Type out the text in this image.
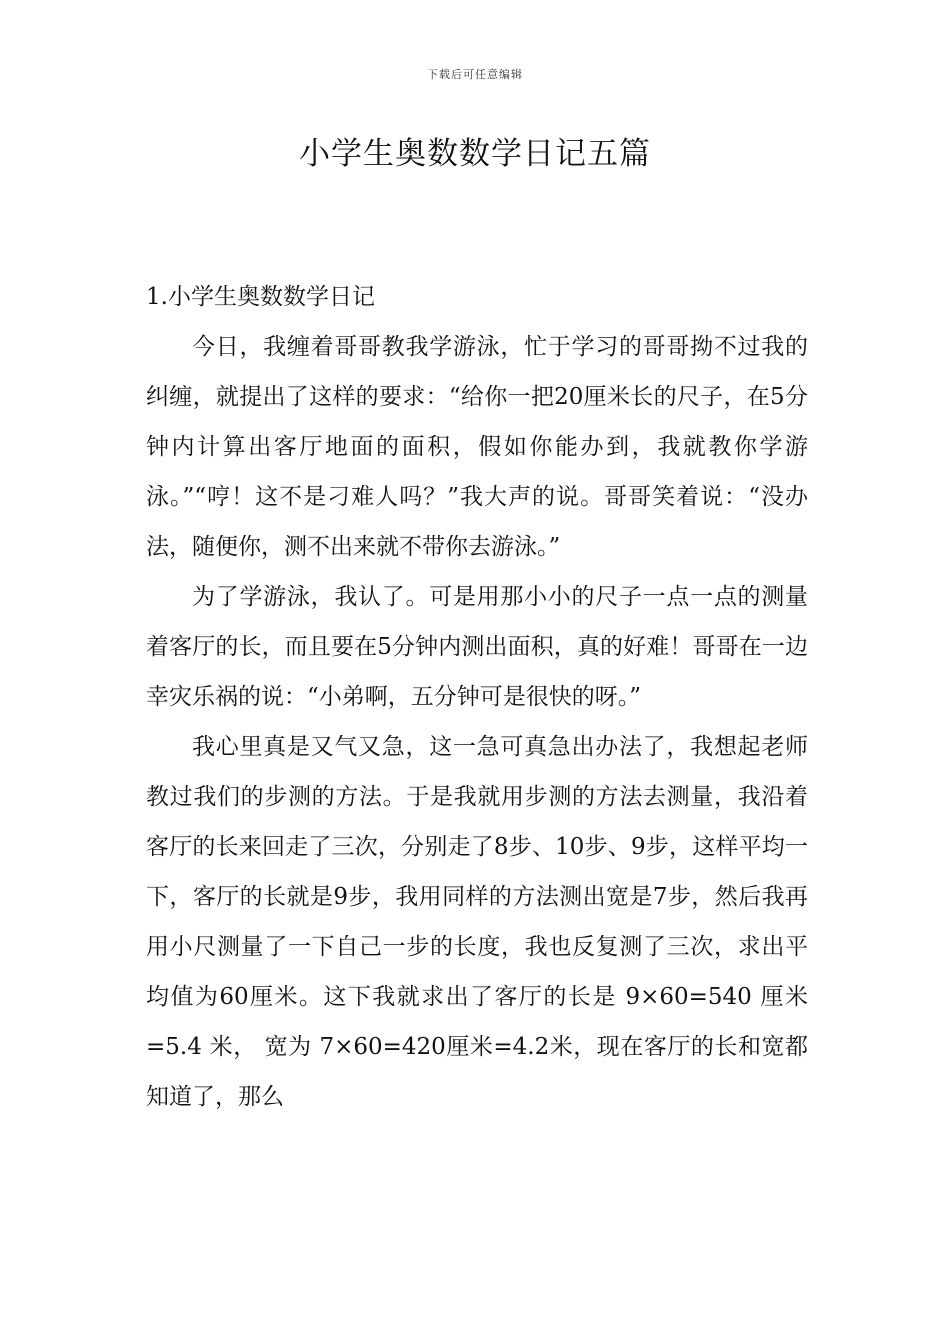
下载后可任意编辑
小学生奥数数学日记五篇
1.小学生奥数数学日记

今日，我缠着哥哥教我学游泳，忙于学习的哥哥拗不过我的纠缠，就提出了这样的要求：“给你一把20厘米长的尺子，在5分钟内计算出客厅地面的面积，假如你能办到，我就教你学游泳。”“哼！这不是刁难人吗？”我大声的说。哥哥笑着说：“没办法，随便你，测不出来就不带你去游泳。”

为了学游泳，我认了。可是用那小小的尺子一点一点的测量着客厅的长，而且要在5分钟内测出面积，真的好难！哥哥在一边幸灾乐祸的说：“小弟啊，五分钟可是很快的呀。”

我心里真是又气又急，这一急可真急出办法了，我想起老师教过我们的步测的方法。于是我就用步测的方法去测量，我沿着客厅的长来回走了三次，分别走了8步、10步、9步，这样平均一下，客厅的长就是9步，我用同样的方法测出宽是7步，然后我再用小尺测量了一下自己一步的长度，我也反复测了三次，求出平均值为60厘米。这下我就求出了客厅的长是 9×60=540 厘米=5.4 米， 宽为 7×60=420厘米=4.2米，现在客厅的长和宽都知道了，那么
